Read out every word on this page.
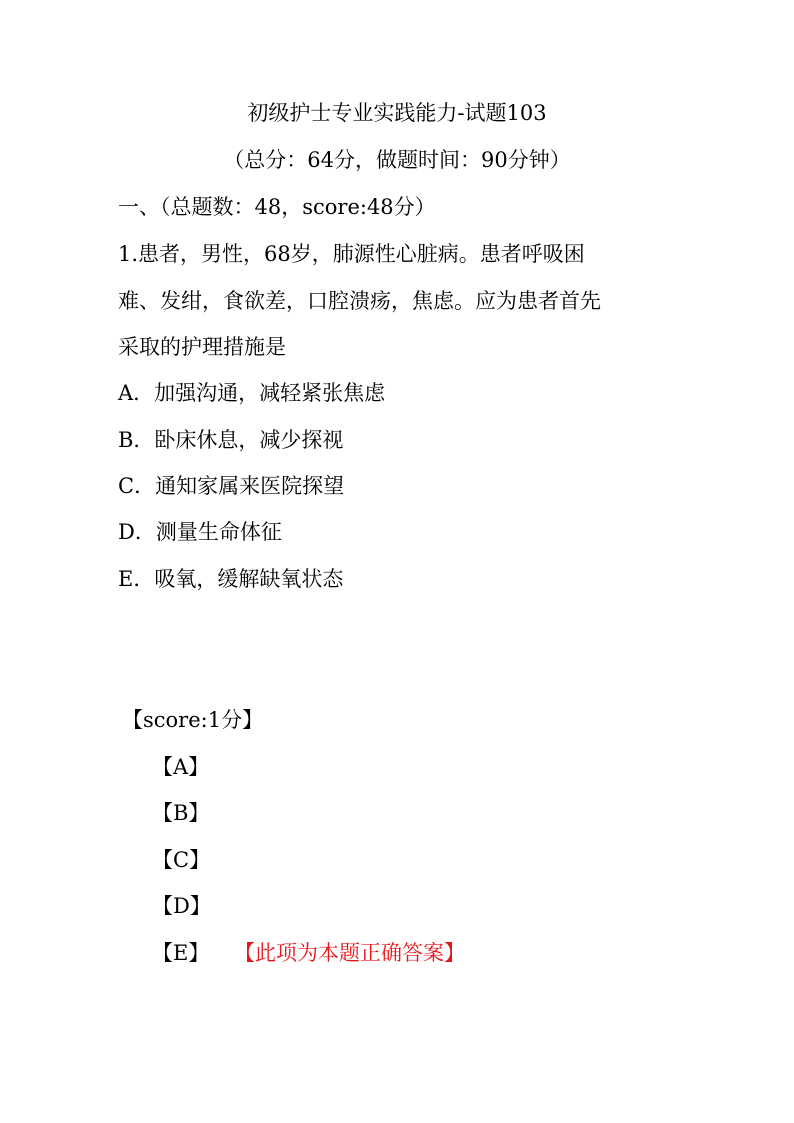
初级护士专业实践能力-试题103
（总分：64分，做题时间：90分钟）
一、（总题数：48，score:48分）
1.患者，男性，68岁，肺源性心脏病。患者呼吸困
难、发绀，食欲差，口腔溃疡，焦虑。应为患者首先
采取的护理措施是
A．加强沟通，减轻紧张焦虑
B．卧床休息，减少探视
C．通知家属来医院探望
D．测量生命体征
E．吸氧，缓解缺氧状态
【score:1分】
【A】
【B】
【C】
【D】
【E】 【此项为本题正确答案】
